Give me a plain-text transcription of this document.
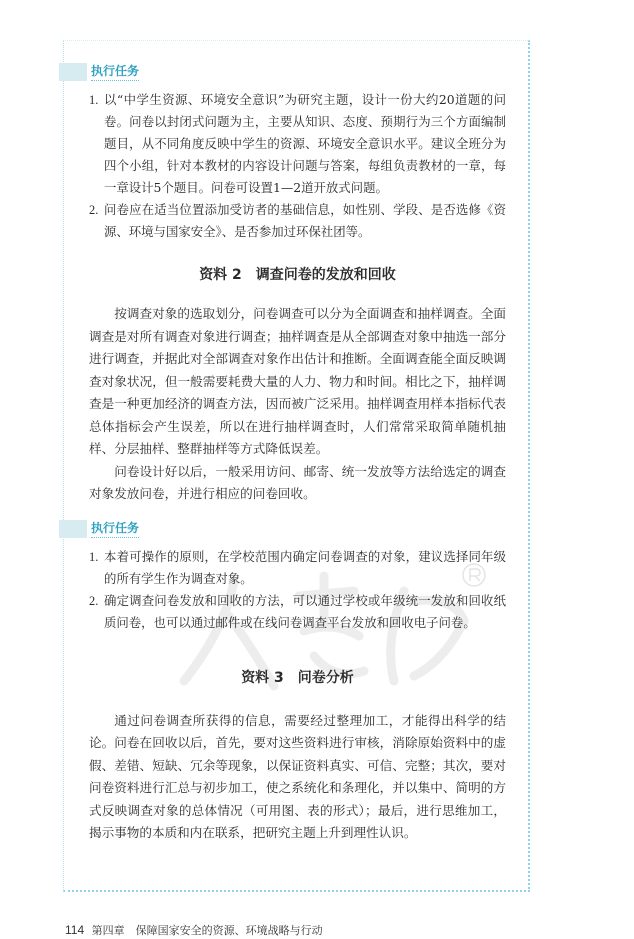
执行任务
1. 以“中学生资源、环境安全意识”为研究主题，设计一份大约20道题的问卷。问卷以封闭式问题为主，主要从知识、态度、预期行为三个方面编制题目，从不同角度反映中学生的资源、环境安全意识水平。建议全班分为四个小组，针对本教材的内容设计问题与答案，每组负责教材的一章，每一章设计5个题目。问卷可设置1—2道开放式问题。
2. 问卷应在适当位置添加受访者的基础信息，如性别、学段、是否选修《资源、环境与国家安全》、是否参加过环保社团等。
资料 2　调查问卷的发放和回收

按调查对象的选取划分，问卷调查可以分为全面调查和抽样调查。全面调查是对所有调查对象进行调查；抽样调查是从全部调查对象中抽选一部分进行调查，并据此对全部调查对象作出估计和推断。全面调查能全面反映调查对象状况，但一般需要耗费大量的人力、物力和时间。相比之下，抽样调查是一种更加经济的调查方法，因而被广泛采用。抽样调查用样本指标代表总体指标会产生误差，所以在进行抽样调查时，人们常常采取简单随机抽样、分层抽样、整群抽样等方式降低误差。

问卷设计好以后，一般采用访问、邮寄、统一发放等方法给选定的调查对象发放问卷，并进行相应的问卷回收。

执行任务
1. 本着可操作的原则，在学校范围内确定问卷调查的对象，建议选择同年级的所有学生作为调查对象。
2. 确定调查问卷发放和回收的方法，可以通过学校或年级统一发放和回收纸质问卷，也可以通过邮件或在线问卷调查平台发放和回收电子问卷。
资料 3　问卷分析

通过问卷调查所获得的信息，需要经过整理加工，才能得出科学的结论。问卷在回收以后，首先，要对这些资料进行审核，消除原始资料中的虚假、差错、短缺、冗余等现象，以保证资料真实、可信、完整；其次，要对问卷资料进行汇总与初步加工，使之系统化和条理化，并以集中、简明的方式反映调查对象的总体情况（可用图、表的形式）；最后，进行思维加工，揭示事物的本质和内在联系，把研究主题上升到理性认识。

114 第四章　保障国家安全的资源、环境战略与行动
